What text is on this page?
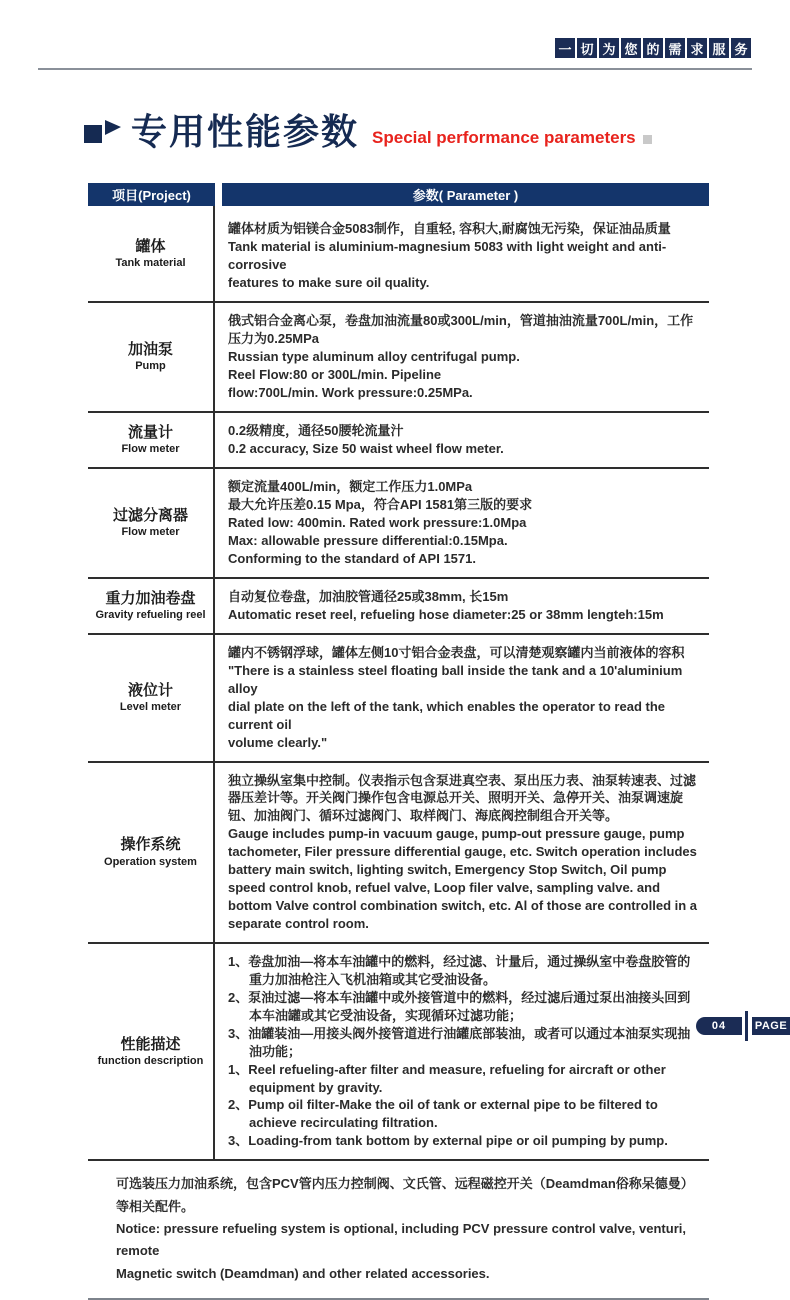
一 切 为 您 的 需 求 服 务
专用性能参数 Special performance parameters
项目(Project)	参数( Parameter )
罐体
Tank material
罐体材质为铝镁合金5083制作，自重轻, 容积大,耐腐蚀无污染，保证油品质量
Tank material is aluminium-magnesium 5083 with light weight and anti-corrosive
features to make sure oil quality.
加油泵
Pump
俄式铝合金离心泵，卷盘加油流量80或300L/min，管道抽油流量700L/min，工作压力为0.25MPa
Russian type aluminum alloy centrifugal pump.
Reel Flow:80 or 300L/min. Pipeline
flow:700L/min. Work pressure:0.25MPa.
流量计
Flow meter
0.2级精度，通径50腰轮流量汁
0.2 accuracy, Size 50 waist wheel flow meter.
过滤分离器
Flow meter
额定流量400L/min，额定工作压力1.0MPa
最大允许压差0.15 Mpa，符合API 1581第三版的要求
Rated low: 400min. Rated work pressure:1.0Mpa
Max: allowable pressure differential:0.15Mpa.
Conforming to the standard of API 1571.
重力加油卷盘
Gravity refueling reel
自动复位卷盘，加油胶管通径25或38mm, 长15m
Automatic reset reel, refueling hose diameter:25 or 38mm lengteh:15m
液位计
Level meter
罐内不锈钢浮球，罐体左侧10寸铝合金表盘，可以清楚观察罐内当前液体的容积
"There is a stainless steel floating ball inside the tank and a 10'aluminium alloy
dial plate on the left of the tank, which enables the operator to read the current oil
volume clearly."
操作系统
Operation system
独立操纵室集中控制。仪表指示包含泵进真空表、泵出压力表、油泵转速表、过滤器压差计等。开关阀门操作包含电源总开关、照明开关、急停开关、油泵调速旋钮、加油阀门、循环过滤阀门、取样阀门、海底阀控制组合开关等。
Gauge includes pump-in vacuum gauge, pump-out pressure gauge, pump tachometer, Filer pressure differential gauge, etc. Switch operation includes battery main switch, lighting switch, Emergency Stop Switch, Oil pump speed control knob, refuel valve, Loop filer valve, sampling valve. and bottom Valve control combination switch, etc. Al of those are controlled in a separate control room.
性能描述
function description
1、卷盘加油—将本车油罐中的燃料，经过滤、计量后，通过操纵室中卷盘胶管的重力加油枪注入飞机油箱或其它受油设备。
2、泵油过滤—将本车油罐中或外接管道中的燃料，经过滤后通过泵出油接头回到本车油罐或其它受油设备，实现循环过滤功能；
3、油罐装油—用接头阀外接管道进行油罐底部装油，或者可以通过本油泵实现抽油功能；
1、Reel refueling-after filter and measure, refueling for aircraft or other equipment by gravity.
2、Pump oil filter-Make the oil of tank or external pipe to be filtered to achieve recirculating filtration.
3、Loading-from tank bottom by external pipe or oil pumping by pump.
可选装压力加油系统，包含PCV管内压力控制阀、文氏管、远程磁控开关（Deamdman俗称呆德曼）等相关配件。
Notice: pressure refueling system is optional, including PCV pressure control valve, venturi, remote
Magnetic switch (Deamdman) and other related accessories.
04	PAGE
